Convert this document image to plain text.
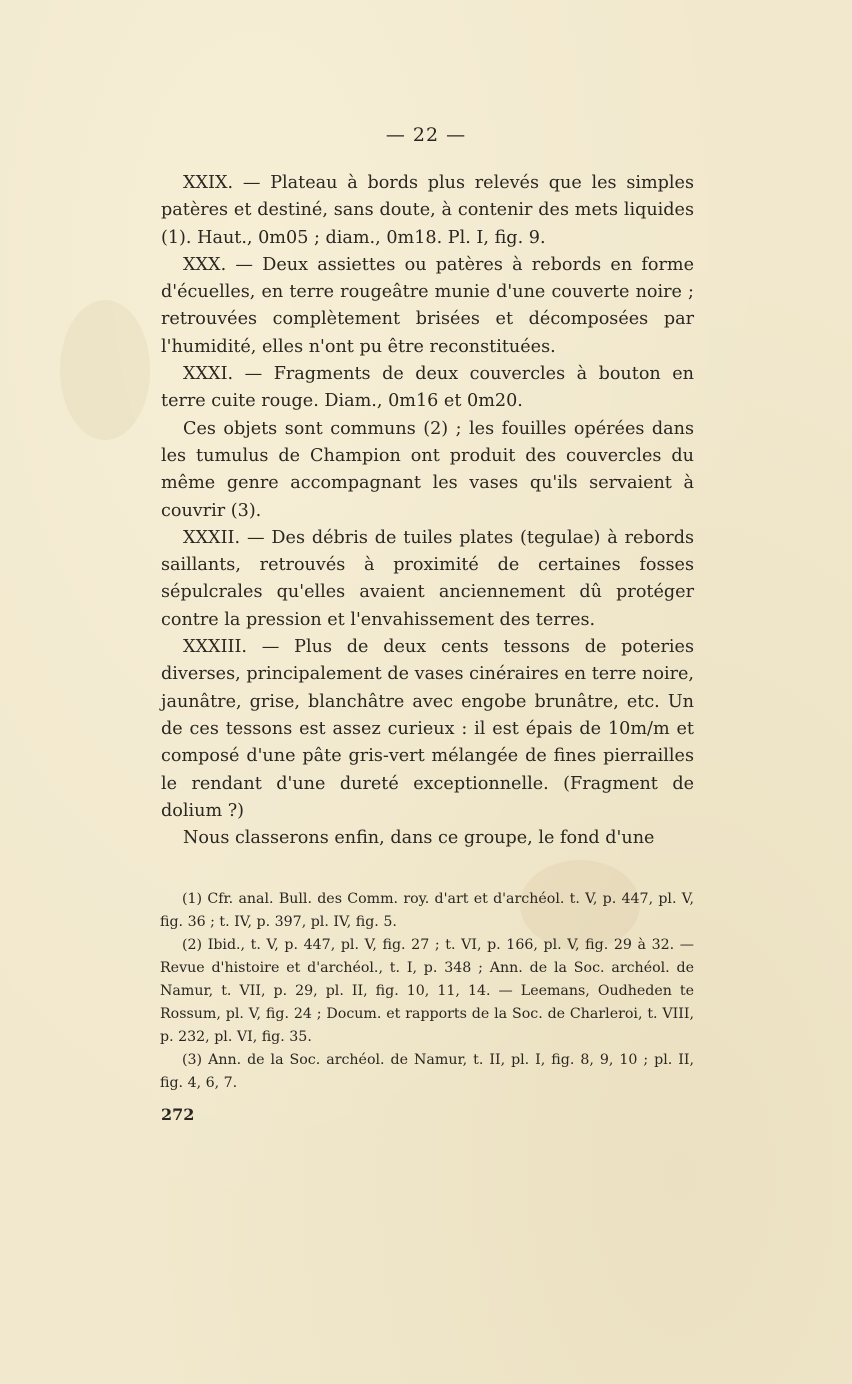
— 22 —

XXIX. — Plateau à bords plus relevés que les simples patères et destiné, sans doute, à contenir des mets liquides (1). Haut., 0m05 ; diam., 0m18. Pl. I, fig. 9.

XXX. — Deux assiettes ou patères à rebords en forme d'écuelles, en terre rougeâtre munie d'une couverte noire ; retrouvées complètement brisées et décomposées par l'humidité, elles n'ont pu être reconstituées.

XXXI. — Fragments de deux couvercles à bouton en terre cuite rouge. Diam., 0m16 et 0m20.

Ces objets sont communs (2) ; les fouilles opérées dans les tumulus de Champion ont produit des couvercles du même genre accompagnant les vases qu'ils servaient à couvrir (3).

XXXII. — Des débris de tuiles plates (tegulae) à rebords saillants, retrouvés à proximité de certaines fosses sépulcrales qu'elles avaient anciennement dû protéger contre la pression et l'envahissement des terres.

XXXIII. — Plus de deux cents tessons de poteries diverses, principalement de vases cinéraires en terre noire, jaunâtre, grise, blanchâtre avec engobe brunâtre, etc. Un de ces tessons est assez curieux : il est épais de 10m/m et composé d'une pâte gris-vert mélangée de fines pierrailles le rendant d'une dureté exceptionnelle. (Fragment de dolium ?)

Nous classerons enfin, dans ce groupe, le fond d'une

(1) Cfr. anal. Bull. des Comm. roy. d'art et d'archéol. t. V, p. 447, pl. V, fig. 36 ; t. IV, p. 397, pl. IV, fig. 5.

(2) Ibid., t. V, p. 447, pl. V, fig. 27 ; t. VI, p. 166, pl. V, fig. 29 à 32. — Revue d'histoire et d'archéol., t. I, p. 348 ; Ann. de la Soc. archéol. de Namur, t. VII, p. 29, pl. II, fig. 10, 11, 14. — Leemans, Oudheden te Rossum, pl. V, fig. 24 ; Docum. et rapports de la Soc. de Charleroi, t. VIII, p. 232, pl. VI, fig. 35.

(3) Ann. de la Soc. archéol. de Namur, t. II, pl. I, fig. 8, 9, 10 ; pl. II, fig. 4, 6, 7.

272
